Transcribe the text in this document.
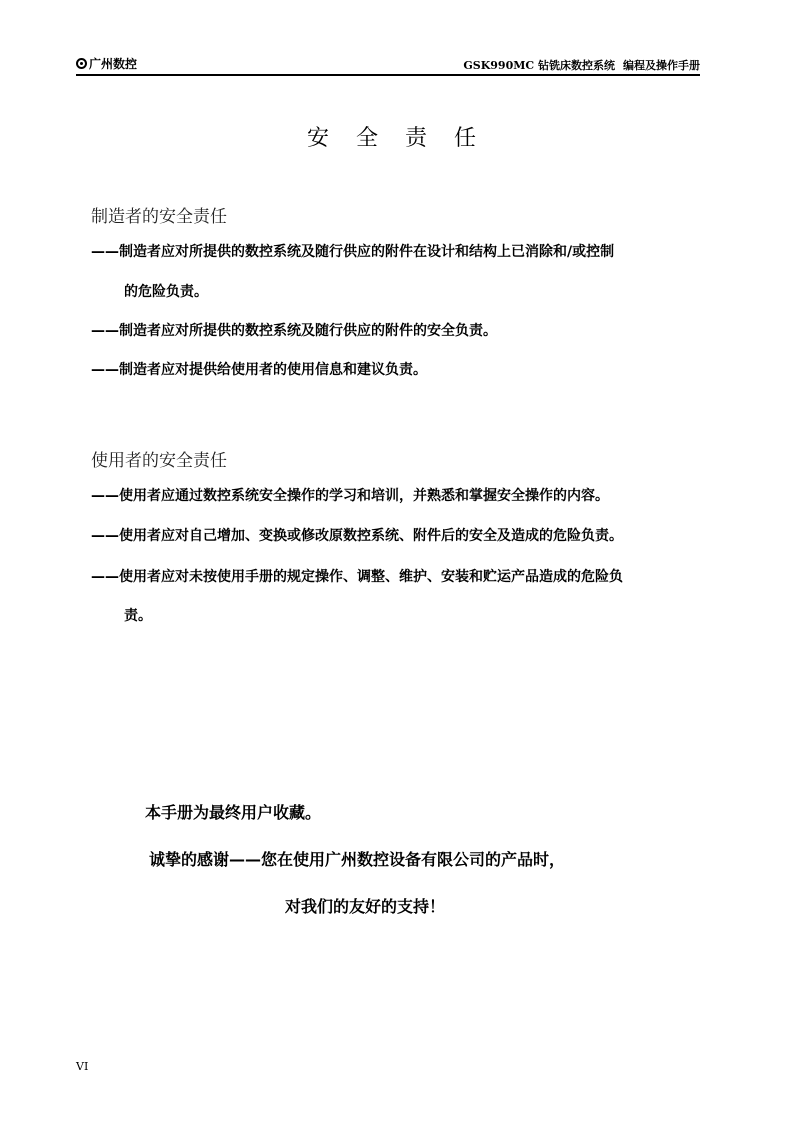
广州数控	GSK990MC 钻铣床数控系统 编程及操作手册
安 全 责 任
制造者的安全责任
——制造者应对所提供的数控系统及随行供应的附件在设计和结构上已消除和/或控制
的危险负责。
——制造者应对所提供的数控系统及随行供应的附件的安全负责。
——制造者应对提供给使用者的使用信息和建议负责。
使用者的安全责任
——使用者应通过数控系统安全操作的学习和培训，并熟悉和掌握安全操作的内容。
——使用者应对自己增加、变换或修改原数控系统、附件后的安全及造成的危险负责。
——使用者应对未按使用手册的规定操作、调整、维护、安装和贮运产品造成的危险负
责。
本手册为最终用户收藏。
诚挚的感谢——您在使用广州数控设备有限公司的产品时，
对我们的友好的支持！
VI
